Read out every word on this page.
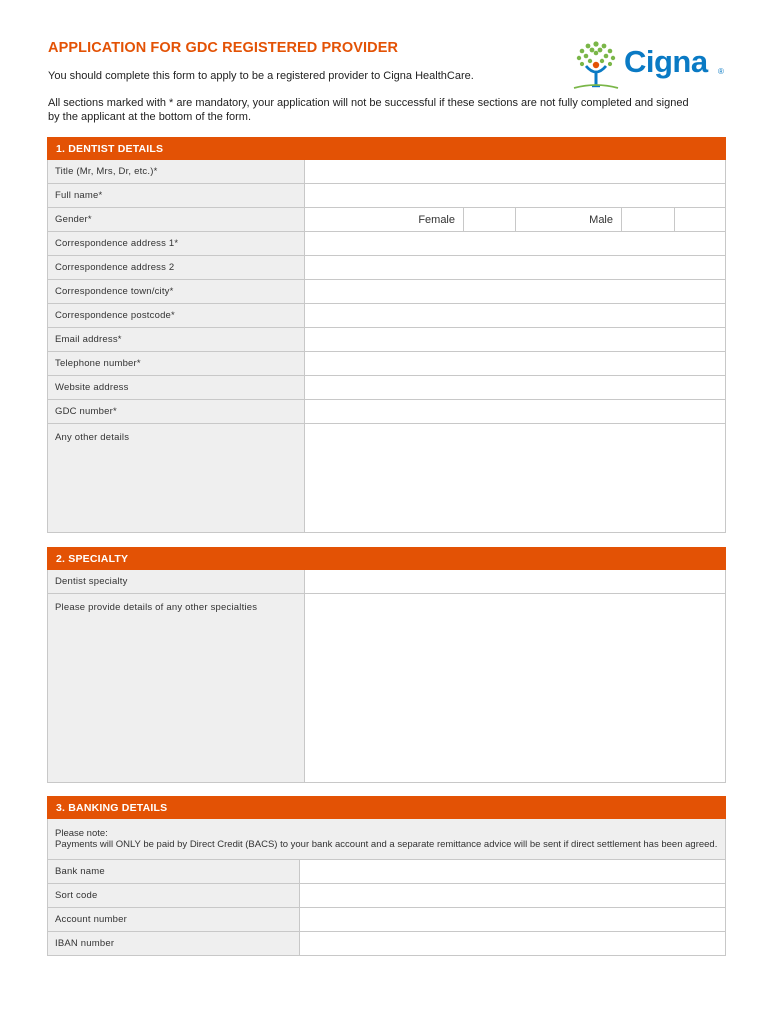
APPLICATION FOR GDC REGISTERED PROVIDER
You should complete this form to apply to be a registered provider to Cigna HealthCare.
All sections marked with * are mandatory, your application will not be successful if these sections are not fully completed and signed by the applicant at the bottom of the form.
Cigna ®
1. DENTIST DETAILS					
Title (Mr, Mrs, Dr, etc.)*					
Full name*					
Gender*	Female		Male		
Correspondence address 1*					
Correspondence address 2					
Correspondence town/city*					
Correspondence postcode*					
Email address*					
Telephone number*					
Website address					
GDC number*					
Any other details					
2. SPECIALTY	
Dentist specialty	
Please provide details of any other specialties	
3. BANKING DETAILS	

Please note:
Payments will ONLY be paid by Direct Credit (BACS) to your bank account and a separate remittance advice will be sent if direct settlement has been agreed.	

Bank name	
Sort code	
Account number	
IBAN number	
